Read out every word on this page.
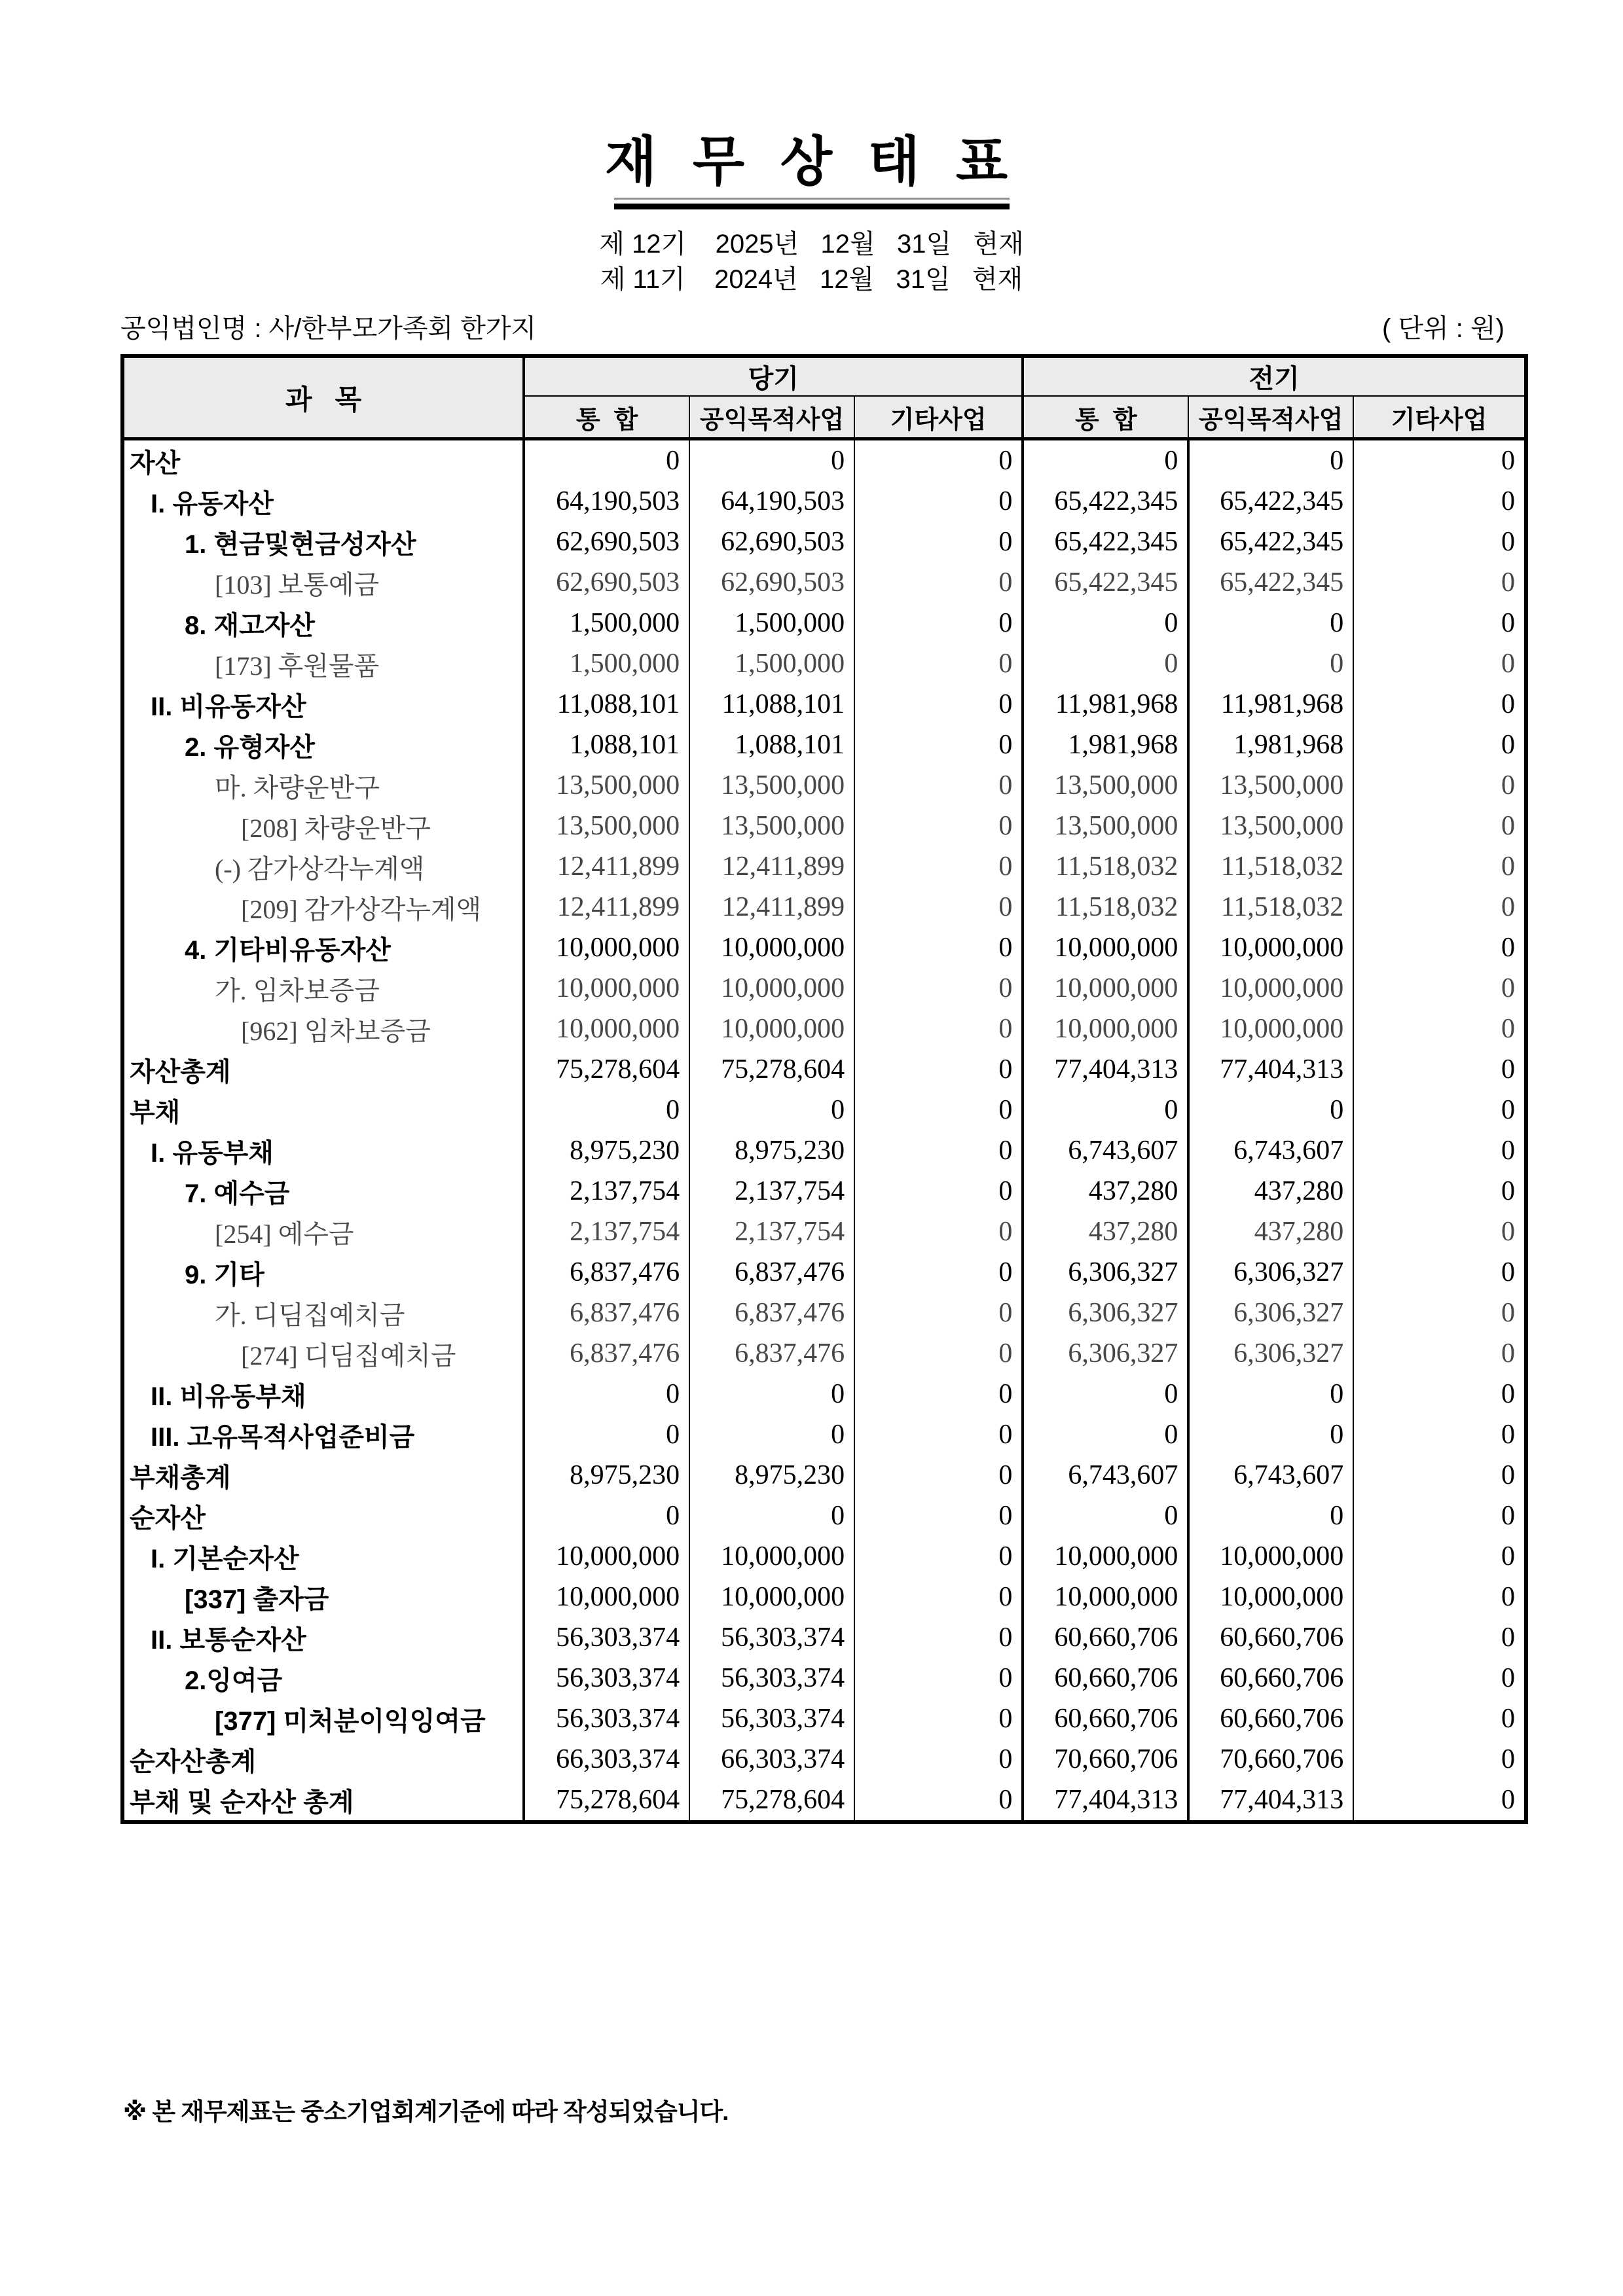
재 무 상 태 표
제 12기    2025년   12월   31일   현재
제 11기    2024년   12월   31일   현재
공익법인명 : 사/한부모가족회 한가지	( 단위 : 원)
과   목	당기			전기		
	통  합	공익목적사업	기타사업	통  합	공익목적사업	기타사업
자산	0	0	0	0	0	0
I. 유동자산	64,190,503	64,190,503	0	65,422,345	65,422,345	0
1. 현금및현금성자산	62,690,503	62,690,503	0	65,422,345	65,422,345	0
[103] 보통예금	62,690,503	62,690,503	0	65,422,345	65,422,345	0
8. 재고자산	1,500,000	1,500,000	0	0	0	0
[173] 후원물품	1,500,000	1,500,000	0	0	0	0
II. 비유동자산	11,088,101	11,088,101	0	11,981,968	11,981,968	0
2. 유형자산	1,088,101	1,088,101	0	1,981,968	1,981,968	0
마. 차량운반구	13,500,000	13,500,000	0	13,500,000	13,500,000	0
[208] 차량운반구	13,500,000	13,500,000	0	13,500,000	13,500,000	0
(-) 감가상각누계액	12,411,899	12,411,899	0	11,518,032	11,518,032	0
[209] 감가상각누계액	12,411,899	12,411,899	0	11,518,032	11,518,032	0
4. 기타비유동자산	10,000,000	10,000,000	0	10,000,000	10,000,000	0
가. 임차보증금	10,000,000	10,000,000	0	10,000,000	10,000,000	0
[962] 임차보증금	10,000,000	10,000,000	0	10,000,000	10,000,000	0
자산총계	75,278,604	75,278,604	0	77,404,313	77,404,313	0
부채	0	0	0	0	0	0
I. 유동부채	8,975,230	8,975,230	0	6,743,607	6,743,607	0
7. 예수금	2,137,754	2,137,754	0	437,280	437,280	0
[254] 예수금	2,137,754	2,137,754	0	437,280	437,280	0
9. 기타	6,837,476	6,837,476	0	6,306,327	6,306,327	0
가. 디딤집예치금	6,837,476	6,837,476	0	6,306,327	6,306,327	0
[274] 디딤집예치금	6,837,476	6,837,476	0	6,306,327	6,306,327	0
II. 비유동부채	0	0	0	0	0	0
III. 고유목적사업준비금	0	0	0	0	0	0
부채총계	8,975,230	8,975,230	0	6,743,607	6,743,607	0
순자산	0	0	0	0	0	0
I. 기본순자산	10,000,000	10,000,000	0	10,000,000	10,000,000	0
[337] 출자금	10,000,000	10,000,000	0	10,000,000	10,000,000	0
II. 보통순자산	56,303,374	56,303,374	0	60,660,706	60,660,706	0
2.잉여금	56,303,374	56,303,374	0	60,660,706	60,660,706	0
[377] 미처분이익잉여금	56,303,374	56,303,374	0	60,660,706	60,660,706	0
순자산총계	66,303,374	66,303,374	0	70,660,706	70,660,706	0
부채 및 순자산 총계	75,278,604	75,278,604	0	77,404,313	77,404,313	0
※ 본 재무제표는 중소기업회계기준에 따라 작성되었습니다.
